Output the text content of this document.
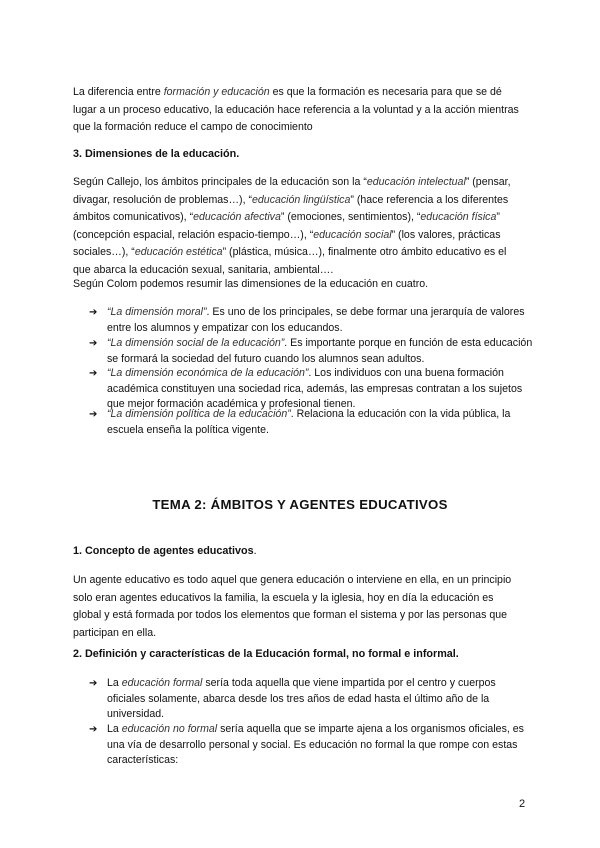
La diferencia entre formación y educación es que la formación es necesaria para que se dé lugar a un proceso educativo, la educación hace referencia a la voluntad y a la acción mientras que la formación reduce el campo de conocimiento

3. Dimensiones de la educación.

Según Callejo, los ámbitos principales de la educación son la “educación intelectual” (pensar, divagar, resolución de problemas…), “educación lingüística” (hace referencia a los diferentes ámbitos comunicativos), “educación afectiva” (emociones, sentimientos), “educación física” (concepción espacial, relación espacio-tiempo…), “educación social” (los valores, prácticas sociales…), “educación estética” (plástica, música…), finalmente otro ámbito educativo es el que abarca la educación sexual, sanitaria, ambiental….

Según Colom podemos resumir las dimensiones de la educación en cuatro.

➔ “La dimensión moral”. Es uno de los principales, se debe formar una jerarquía de valores entre los alumnos y empatizar con los educandos.
➔ “La dimensión social de la educación”. Es importante porque en función de esta educación se formará la sociedad del futuro cuando los alumnos sean adultos.
➔ “La dimensión económica de la educación”. Los individuos con una buena formación académica constituyen una sociedad rica, además, las empresas contratan a los sujetos que mejor formación académica y profesional tienen.
➔ “La dimensión política de la educación”. Relaciona la educación con la vida pública, la escuela enseña la política vigente.

TEMA 2: ÁMBITOS Y AGENTES EDUCATIVOS

1. Concepto de agentes educativos.

Un agente educativo es todo aquel que genera educación o interviene en ella, en un principio solo eran agentes educativos la familia, la escuela y la iglesia, hoy en día la educación es global y está formada por todos los elementos que forman el sistema y por las personas que participan en ella.

2. Definición y características de la Educación formal, no formal e informal.

➔ La educación formal sería toda aquella que viene impartida por el centro y cuerpos oficiales solamente, abarca desde los tres años de edad hasta el último año de la universidad.
➔ La educación no formal sería aquella que se imparte ajena a los organismos oficiales, es una vía de desarrollo personal y social. Es educación no formal la que rompe con estas características:
2
